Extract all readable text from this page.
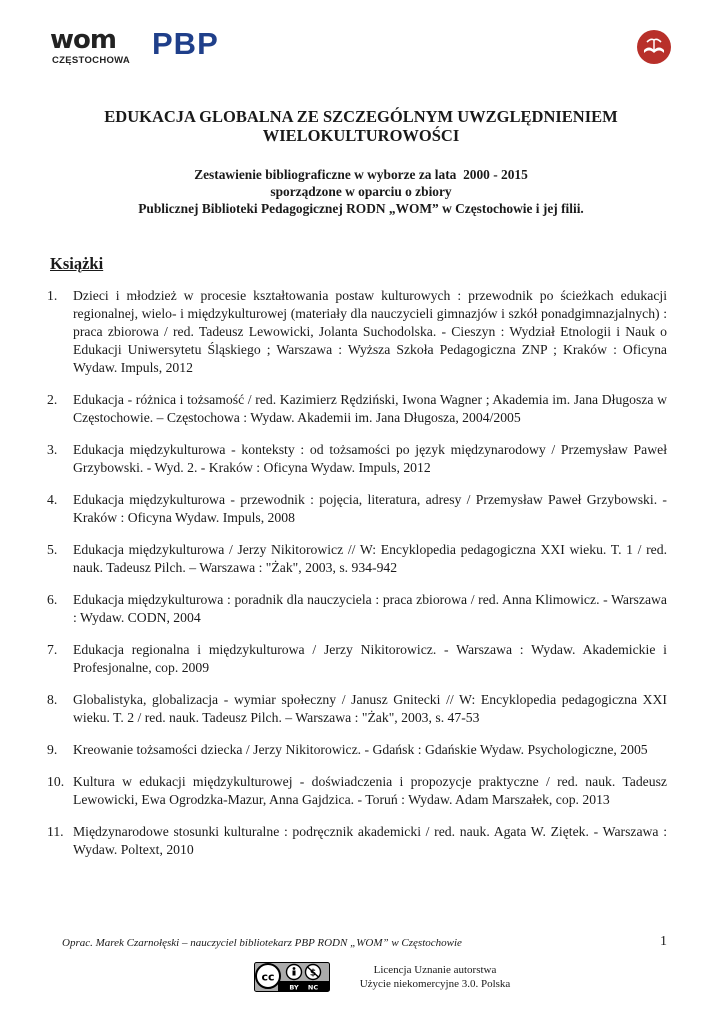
wom
CZĘSTOCHOWA PBP
EDUKACJA GLOBALNA ZE SZCZEGÓLNYM UWZGLĘDNIENIEM
WIELOKULTUROWOŚCI
Zestawienie bibliograficzne w wyborze za lata  2000 - 2015
sporządzone w oparciu o zbiory
Publicznej Biblioteki Pedagogicznej RODN „WOM” w Częstochowie i jej filii.
Książki
1.	Dzieci i młodzież w procesie kształtowania postaw kulturowych : przewodnik po ścieżkach edukacji regionalnej, wielo- i międzykulturowej (materiały dla nauczycieli gimnazjów i szkół ponadgimnazjalnych) : praca zbiorowa / red. Tadeusz Lewowicki, Jolanta Suchodolska. - Cieszyn : Wydział Etnologii i Nauk o Edukacji Uniwersytetu Śląskiego ; Warszawa : Wyższa Szkoła Pedagogiczna ZNP ; Kraków : Oficyna Wydaw. Impuls, 2012
2.	Edukacja - różnica i tożsamość / red. Kazimierz Rędziński, Iwona Wagner ; Akademia im. Jana Długosza w Częstochowie. – Częstochowa : Wydaw. Akademii im. Jana Długosza, 2004/2005
3.	Edukacja międzykulturowa - konteksty : od tożsamości po język międzynarodowy / Przemysław Paweł Grzybowski. - Wyd. 2. - Kraków : Oficyna Wydaw. Impuls, 2012
4.	Edukacja międzykulturowa - przewodnik : pojęcia, literatura, adresy / Przemysław Paweł Grzybowski. - Kraków : Oficyna Wydaw. Impuls, 2008
5.	Edukacja międzykulturowa / Jerzy Nikitorowicz // W: Encyklopedia pedagogiczna XXI wieku. T. 1 / red. nauk. Tadeusz Pilch. – Warszawa : "Żak", 2003, s. 934-942
6.	Edukacja międzykulturowa : poradnik dla nauczyciela : praca zbiorowa / red. Anna Klimowicz. - Warszawa : Wydaw. CODN, 2004
7.	Edukacja regionalna i międzykulturowa / Jerzy Nikitorowicz. - Warszawa : Wydaw. Akademickie i Profesjonalne, cop. 2009
8.	Globalistyka, globalizacja - wymiar społeczny / Janusz Gnitecki // W: Encyklopedia pedagogiczna XXI wieku. T. 2 / red. nauk. Tadeusz Pilch. – Warszawa : "Żak", 2003, s. 47-53
9.	Kreowanie tożsamości dziecka / Jerzy Nikitorowicz. - Gdańsk : Gdańskie Wydaw. Psychologiczne, 2005
10. Kultura w edukacji międzykulturowej - doświadczenia i propozycje praktyczne / red. nauk. Tadeusz Lewowicki, Ewa Ogrodzka-Mazur, Anna Gajdzica. - Toruń : Wydaw. Adam Marszałek, cop. 2013
11. Międzynarodowe stosunki kulturalne : podręcznik akademicki / red. nauk. Agata W. Ziętek. - Warszawa : Wydaw. Poltext, 2010
Oprac. Marek Czarnołęski – nauczyciel bibliotekarz PBP RODN „WOM” w Częstochowie	1
cc	$
BY NC
Licencja Uznanie autorstwa
Użycie niekomercyjne 3.0. Polska
